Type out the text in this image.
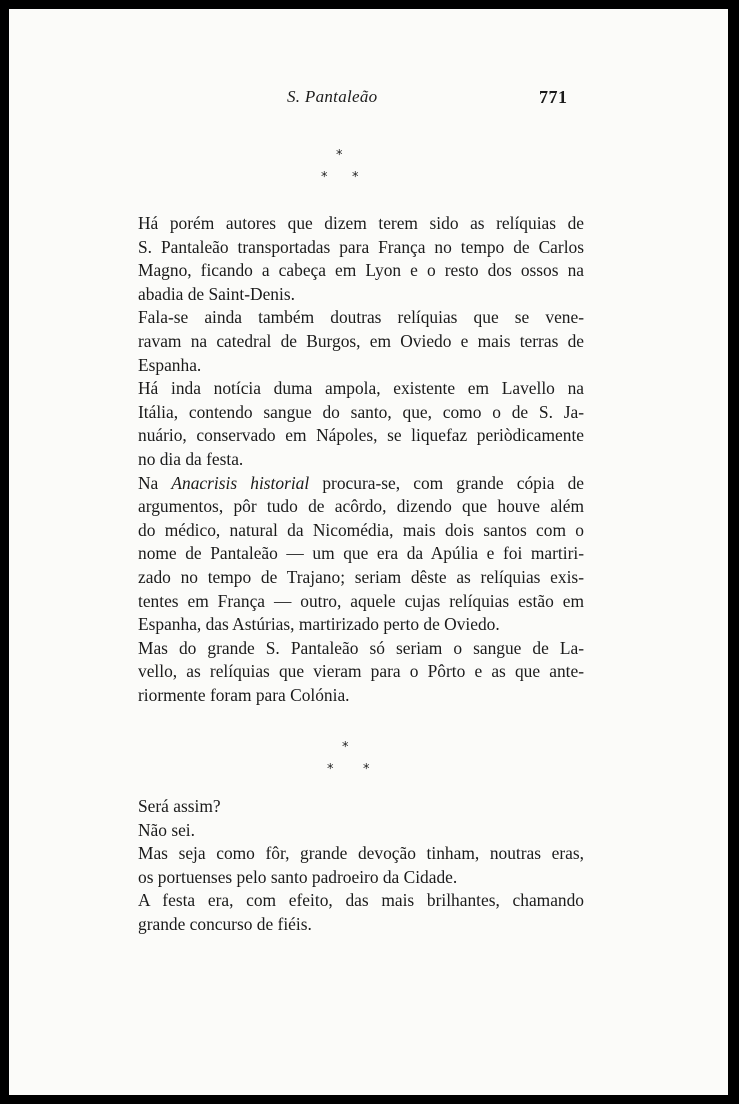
S. Pantaleão	771
*
* *

Há porém autores que dizem terem sido as relíquias de
S. Pantaleão transportadas para França no tempo de Carlos
Magno, ficando a cabeça em Lyon e o resto dos ossos na
abadia de Saint-Denis.

Fala-se ainda também doutras relíquias que se vene-
ravam na catedral de Burgos, em Oviedo e mais terras de
Espanha.

Há inda notícia duma ampola, existente em Lavello na
Itália, contendo sangue do santo, que, como o de S. Ja-
nuário, conservado em Nápoles, se liquefaz periòdicamente
no dia da festa.

Na Anacrisis historial procura-se, com grande cópia de
argumentos, pôr tudo de acôrdo, dizendo que houve além
do médico, natural da Nicomédia, mais dois santos com o
nome de Pantaleão — um que era da Apúlia e foi martiri-
zado no tempo de Trajano; seriam dêste as relíquias exis-
tentes em França — outro, aquele cujas relíquias estão em
Espanha, das Astúrias, martirizado perto de Oviedo.

Mas do grande S. Pantaleão só seriam o sangue de La-
vello, as relíquias que vieram para o Pôrto e as que ante-
riormente foram para Colónia.

*
* *

Será assim?

Não sei.

Mas seja como fôr, grande devoção tinham, noutras eras,
os portuenses pelo santo padroeiro da Cidade.

A festa era, com efeito, das mais brilhantes, chamando
grande concurso de fiéis.
